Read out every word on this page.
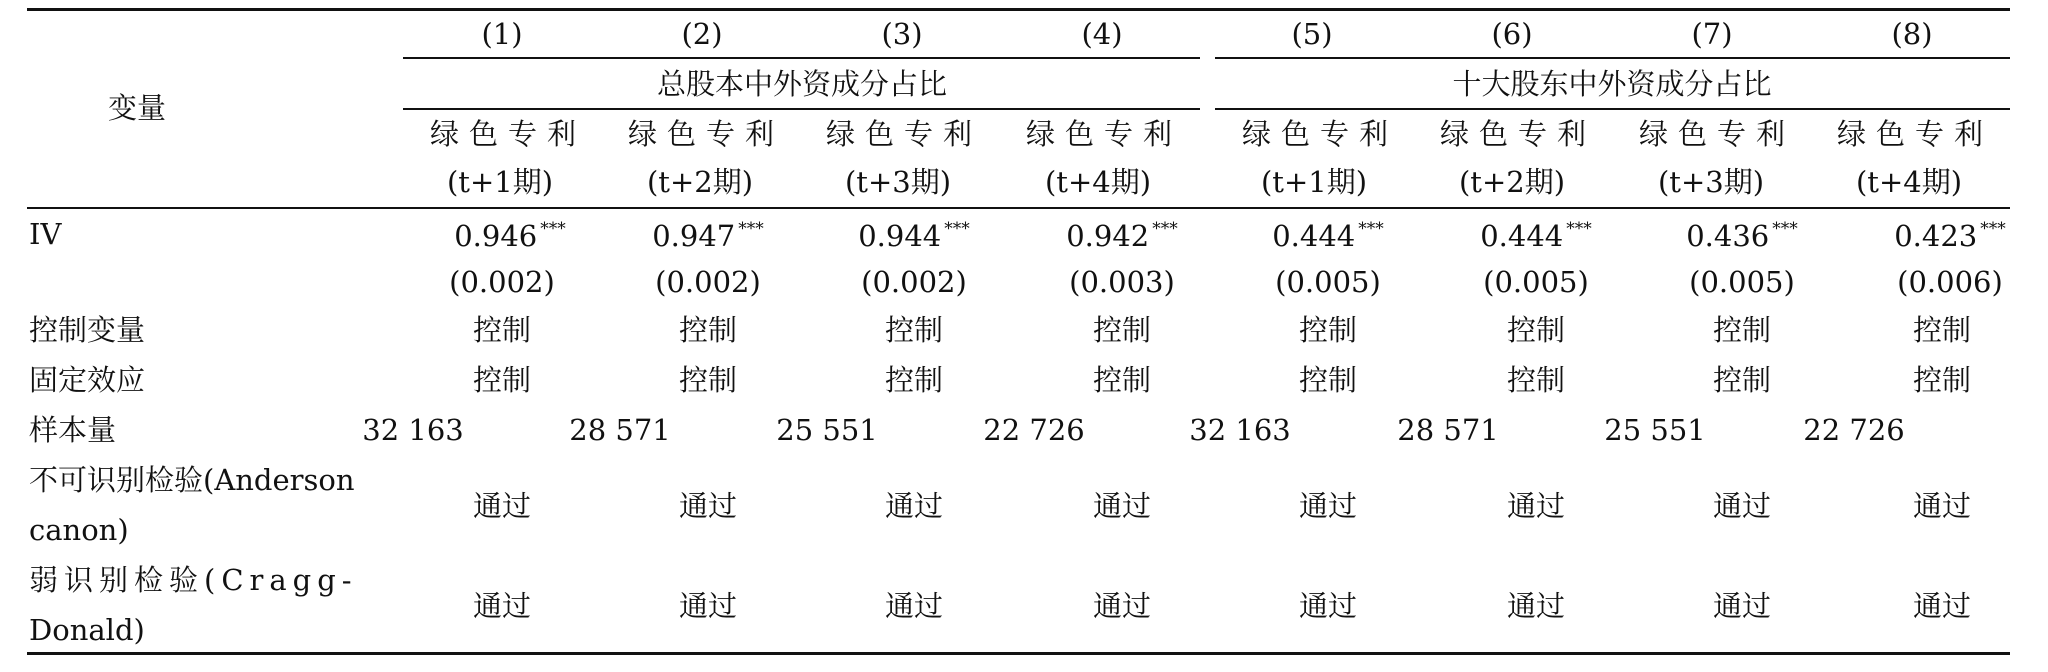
变量
(1)	(2)	(3)	(4)	(5)	(6)	(7)	(8)
总股本中外资成分占比	十大股东中外资成分占比
绿色专利 绿色专利 绿色专利 绿色专利 绿色专利 绿色专利 绿色专利 绿色专利
(t+1期)	(t+2期)	(t+3期)	(t+4期)	(t+1期)	(t+2期)	(t+3期)	(t+4期)
IV	0.946 ***	0.947 ***	0.944 ***	0.942 ***	0.444 ***	0.444 ***	0.436 ***	0.423 ***
(0.002)	(0.002)	(0.002)	(0.003)	(0.005)	(0.005)	(0.005)	(0.006)
控制变量	控制	控制	控制	控制	控制	控制	控制	控制
固定效应	控制	控制	控制	控制	控制	控制	控制	控制
样本量	32 163	28 571	25 551	22 726	32 163	28 571	25 551	22 726
不可识别检验(Anderson
canon)
通过	通过	通过	通过	通过	通过	通过	通过
弱识别检验(Cragg-
Donald)
通过	通过	通过	通过	通过	通过	通过	通过
